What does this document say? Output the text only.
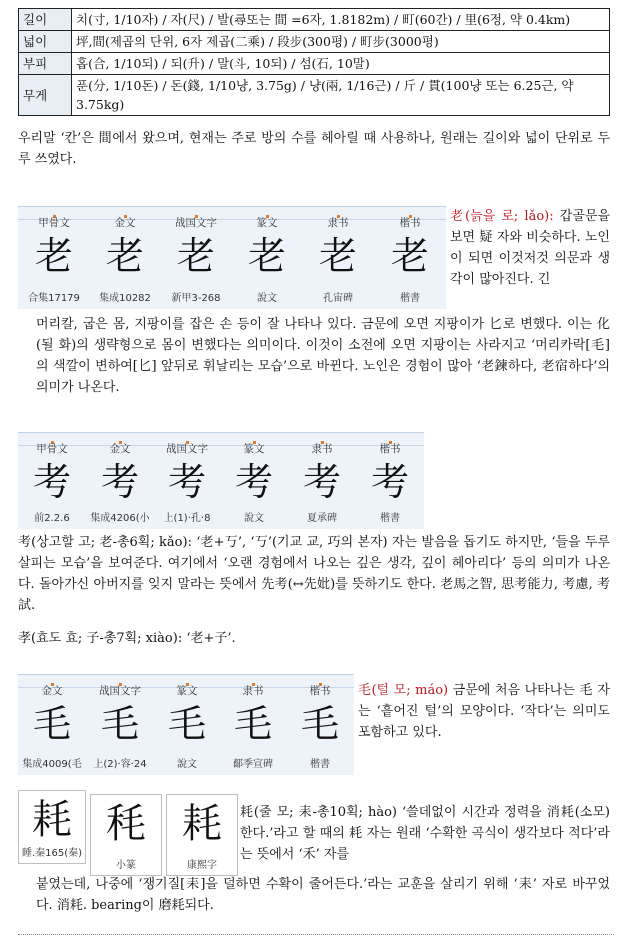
길이	치(寸, 1/10자) / 자(尺) / 발(尋또는 間 =6자, 1.8182m) / 町(60간) / 里(6정, 약 0.4km)
넓이	坪,間(제곱의 단위, 6자 제곱(二乘) / 段步(300평) / 町步(3000평)
부피	홉(合, 1/10되) / 되(升) / 말(斗, 10되) / 섬(石, 10말)
무게	푼(分, 1/10돈) / 돈(錢, 1/10냥, 3.75g) / 냥(兩, 1/16근) / 斤 / 貫(100냥 또는 6.25근, 약 3.75kg)
우리말 ‘칸’은 間에서 왔으며, 현재는 주로 방의 수를 헤아릴 때 사용하나, 원래는 길이와 넓이 단위로 두루 쓰였다.
甲骨文
老
合集17179
金文
老
集成10282
战国文字
老
新甲3-268
篆文
老
說文
隶书
老
孔宙碑
楷书
老
楷書
老(늙을 로; lǎo): 갑골문을 보면 疑 자와 비슷하다. 노인이 되면 이것저것 의문과 생각이 많아진다. 긴
머리칼, 굽은 몸, 지팡이를 잡은 손 등이 잘 나타나 있다. 금문에 오면 지팡이가 匕로 변했다. 이는 化(될 화)의 생략형으로 몸이 변했다는 의미이다. 이것이 소전에 오면 지팡이는 사라지고 ‘머리카락[毛]의 색깔이 변하여[匕] 앞뒤로 휘날리는 모습’으로 바뀐다. 노인은 경험이 많아 ‘老鍊하다, 老宿하다’의 의미가 나온다.
甲骨文
考
前2.2.6
金文
考
集成4206(小
战国文字
考
上(1)·孔·8
篆文
考
說文
隶书
考
夏承碑
楷书
考
楷書
考(상고할 고; 老-총6획; kǎo): ‘老+丂’, ‘丂’(기교 교, 巧의 본자) 자는 발음을 돕기도 하지만, ‘들을 두루 살피는 모습’을 보여준다. 여기에서 ‘오랜 경험에서 나오는 깊은 생각, 깊이 헤아리다’ 등의 의미가 나온다. 돌아가신 아버지를 잊지 말라는 뜻에서 先考(↔先妣)를 뜻하기도 한다. 老馬之智, 思考能力, 考慮, 考試.
孝(효도 효; 子-총7획; xiào): ‘老+子’.
金文
毛
集成4009(毛
战国文字
毛
上(2)·容·24
篆文
毛
說文
隶书
毛
鄐季宣碑
楷书
毛
楷書
毛(털 모; máo) 금문에 처음 나타나는 毛 자는 ‘흩어진 털’의 모양이다. ‘작다’는 의미도 포함하고 있다.
耗
睡.秦165(秦)
秏
小篆
耗
康熙字
耗(줄 모; 耒-총10획; hào) ‘쓸데없이 시간과 정력을 消耗(소모)한다.’라고 할 때의 耗 자는 원래 ‘수확한 곡식이 생각보다 적다’라는 뜻에서 ‘禾’ 자를
붙였는데, 나중에 ‘쟁기질[耒]을 덜하면 수확이 줄어든다.’라는 교훈을 살리기 위해 ‘耒’ 자로 바꾸었다. 消耗. bearing이 磨耗되다.
